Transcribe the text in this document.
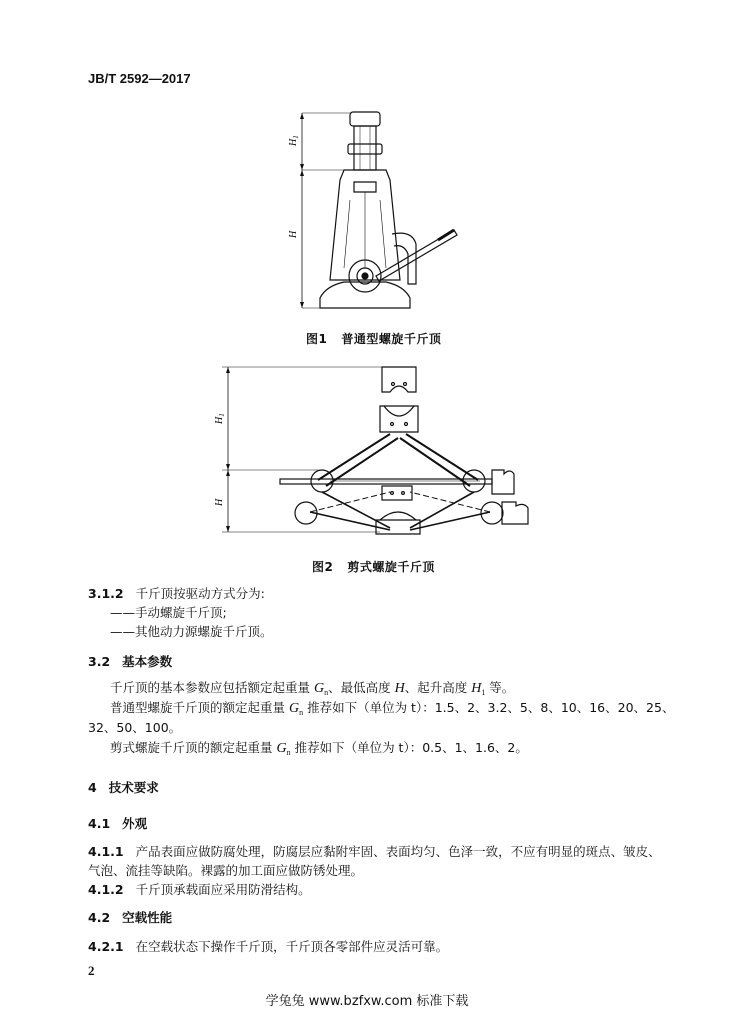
JB/T 2592—2017
$H_1$
H
图1 普通型螺旋千斤顶
$H_1$
H
图2 剪式螺旋千斤顶
3.1.2 千斤顶按驱动方式分为:
——手动螺旋千斤顶;
——其他动力源螺旋千斤顶。
3.2 基本参数
千斤顶的基本参数应包括额定起重量 $G_n$、最低高度 H、起升高度 $H_1$ 等。
普通型螺旋千斤顶的额定起重量 $G_n$ 推荐如下（单位为 t）：1.5、2、3.2、5、8、10、16、20、25、
32、50、100。
剪式螺旋千斤顶的额定起重量 $G_n$ 推荐如下（单位为 t）：0.5、1、1.6、2。
4 技术要求
4.1 外观
4.1.1 产品表面应做防腐处理，防腐层应黏附牢固、表面均匀、色泽一致，不应有明显的斑点、皱皮、
气泡、流挂等缺陷。裸露的加工面应做防锈处理。
4.1.2 千斤顶承载面应采用防滑结构。
4.2 空载性能
4.2.1 在空载状态下操作千斤顶，千斤顶各零部件应灵活可靠。
2
学兔兔 www.bzfxw.com 标准下载
